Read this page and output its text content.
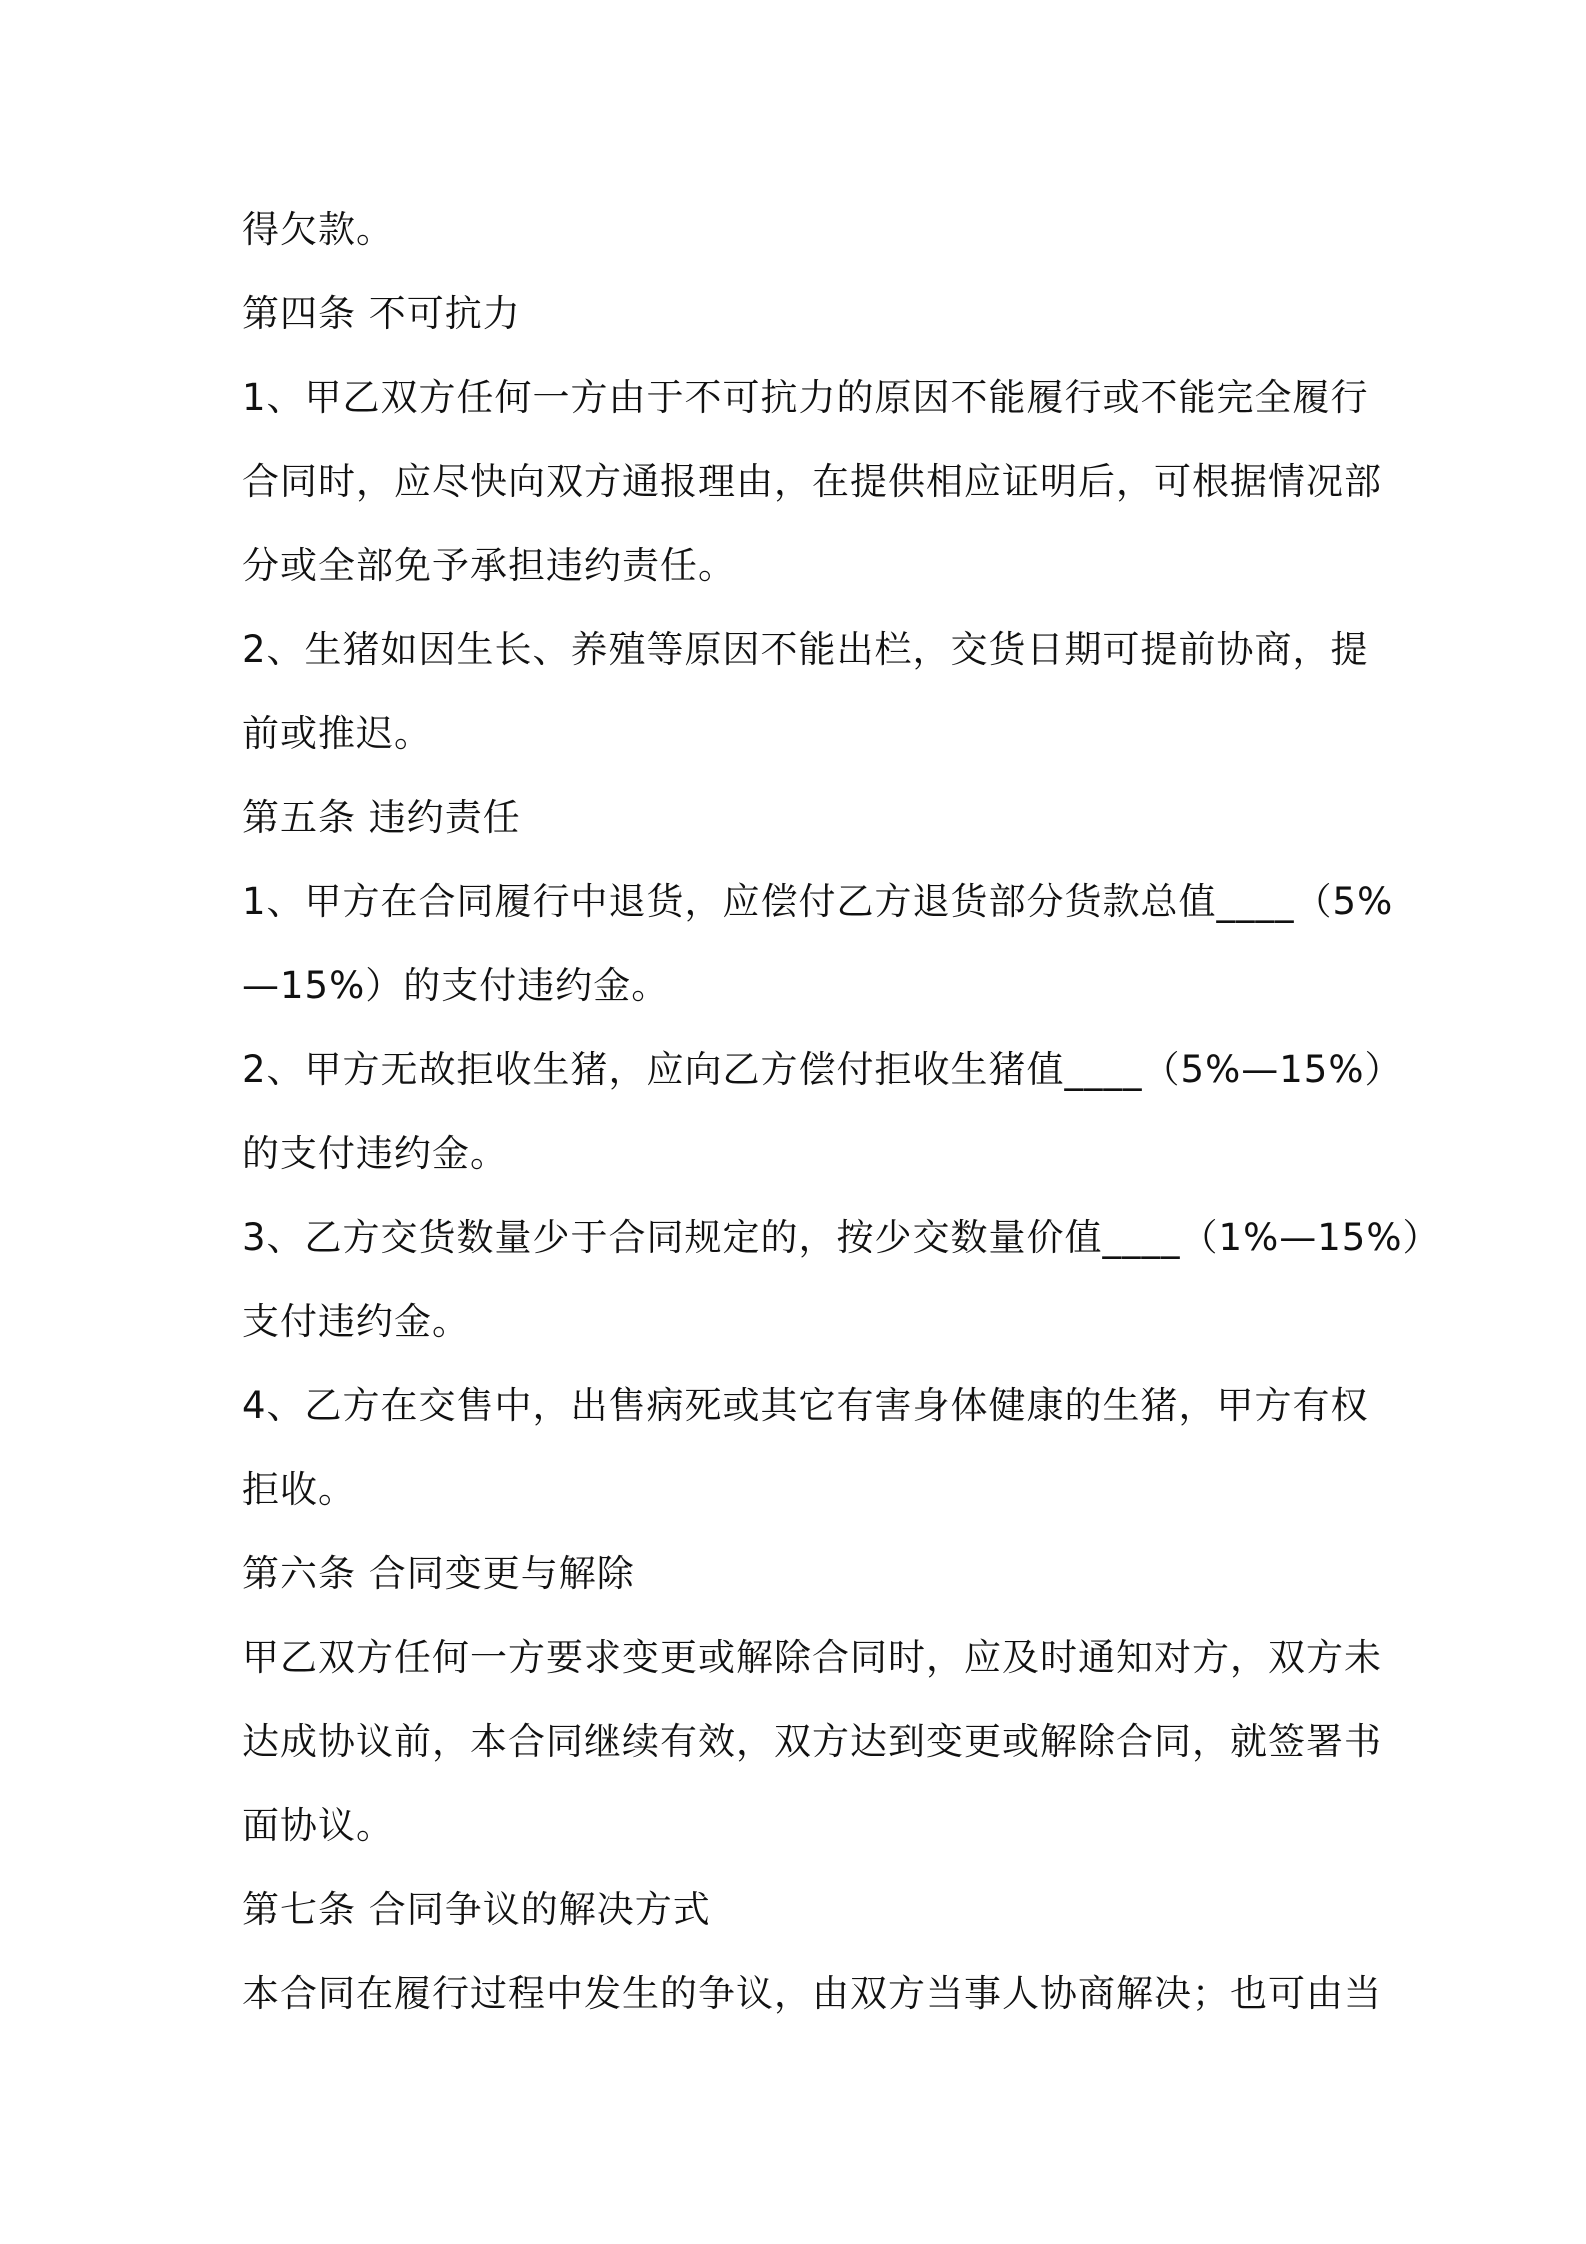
得欠款。
第四条 不可抗力
1、甲乙双方任何一方由于不可抗力的原因不能履行或不能完全履行
合同时，应尽快向双方通报理由，在提供相应证明后，可根据情况部
分或全部免予承担违约责任。
2、生猪如因生长、养殖等原因不能出栏，交货日期可提前协商，提
前或推迟。
第五条 违约责任
1、甲方在合同履行中退货，应偿付乙方退货部分货款总值____（5%
—15%）的支付违约金。
2、甲方无故拒收生猪，应向乙方偿付拒收生猪值____（5%—15%）
的支付违约金。
3、乙方交货数量少于合同规定的，按少交数量价值____（1%—15%）
支付违约金。
4、乙方在交售中，出售病死或其它有害身体健康的生猪，甲方有权
拒收。
第六条 合同变更与解除
甲乙双方任何一方要求变更或解除合同时，应及时通知对方，双方未
达成协议前，本合同继续有效，双方达到变更或解除合同，就签署书
面协议。
第七条 合同争议的解决方式
本合同在履行过程中发生的争议，由双方当事人协商解决；也可由当
